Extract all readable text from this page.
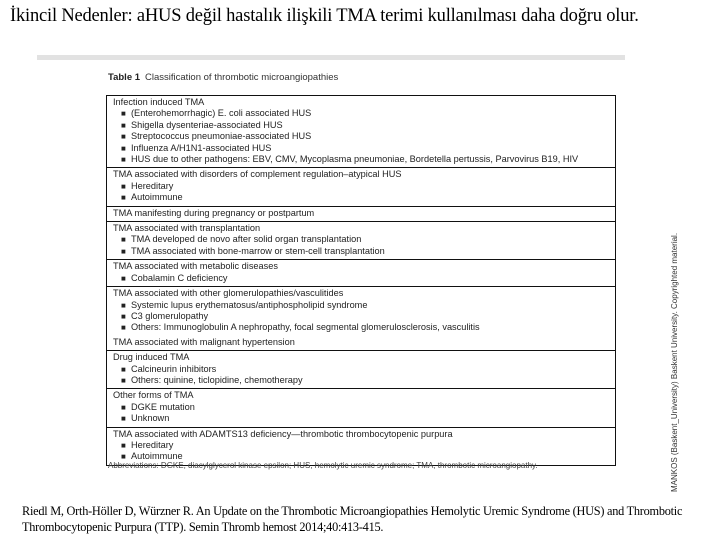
İkincil Nedenler: aHUS değil hastalık ilişkili TMA terimi kullanılması daha doğru olur.
Table 1 Classification of thrombotic microangiopathies
Infection induced TMA
■ (Enterohemorrhagic) E. coli associated HUS
■ Shigella dysenteriae-associated HUS
■ Streptococcus pneumoniae-associated HUS
■ Influenza A/H1N1-associated HUS
■ HUS due to other pathogens: EBV, CMV, Mycoplasma pneumoniae, Bordetella pertussis, Parvovirus B19, HIV
TMA associated with disorders of complement regulation–atypical HUS
■ Hereditary
■ Autoimmune
TMA manifesting during pregnancy or postpartum
TMA associated with transplantation
■ TMA developed de novo after solid organ transplantation
■ TMA associated with bone-marrow or stem-cell transplantation
TMA associated with metabolic diseases
■ Cobalamin C deficiency
TMA associated with other glomerulopathies/vasculitides
■ Systemic lupus erythematosus/antiphospholipid syndrome
■ C3 glomerulopathy
■ Others: Immunoglobulin A nephropathy, focal segmental glomerulosclerosis, vasculitis
TMA associated with malignant hypertension
Drug induced TMA
■ Calcineurin inhibitors
■ Others: quinine, ticlopidine, chemotherapy
Other forms of TMA
■ DGKE mutation
■ Unknown
TMA associated with ADAMTS13 deficiency—thrombotic thrombocytopenic purpura
■ Hereditary
■ Autoimmune
Abbreviations: DGKE, diacylglycerol kinase epsilon; HUS, hemolytic uremic syndrome; TMA, thrombotic microangiopathy.	MANKOS (Baskent_University) Baskent University. Copyrighted material.
Riedl M, Orth-Höller D, Würzner R. An Update on the Thrombotic Microangiopathies Hemolytic Uremic Syndrome (HUS) and Thrombotic Thrombocytopenic Purpura (TTP). Semin Thromb hemost 2014;40:413-415.
